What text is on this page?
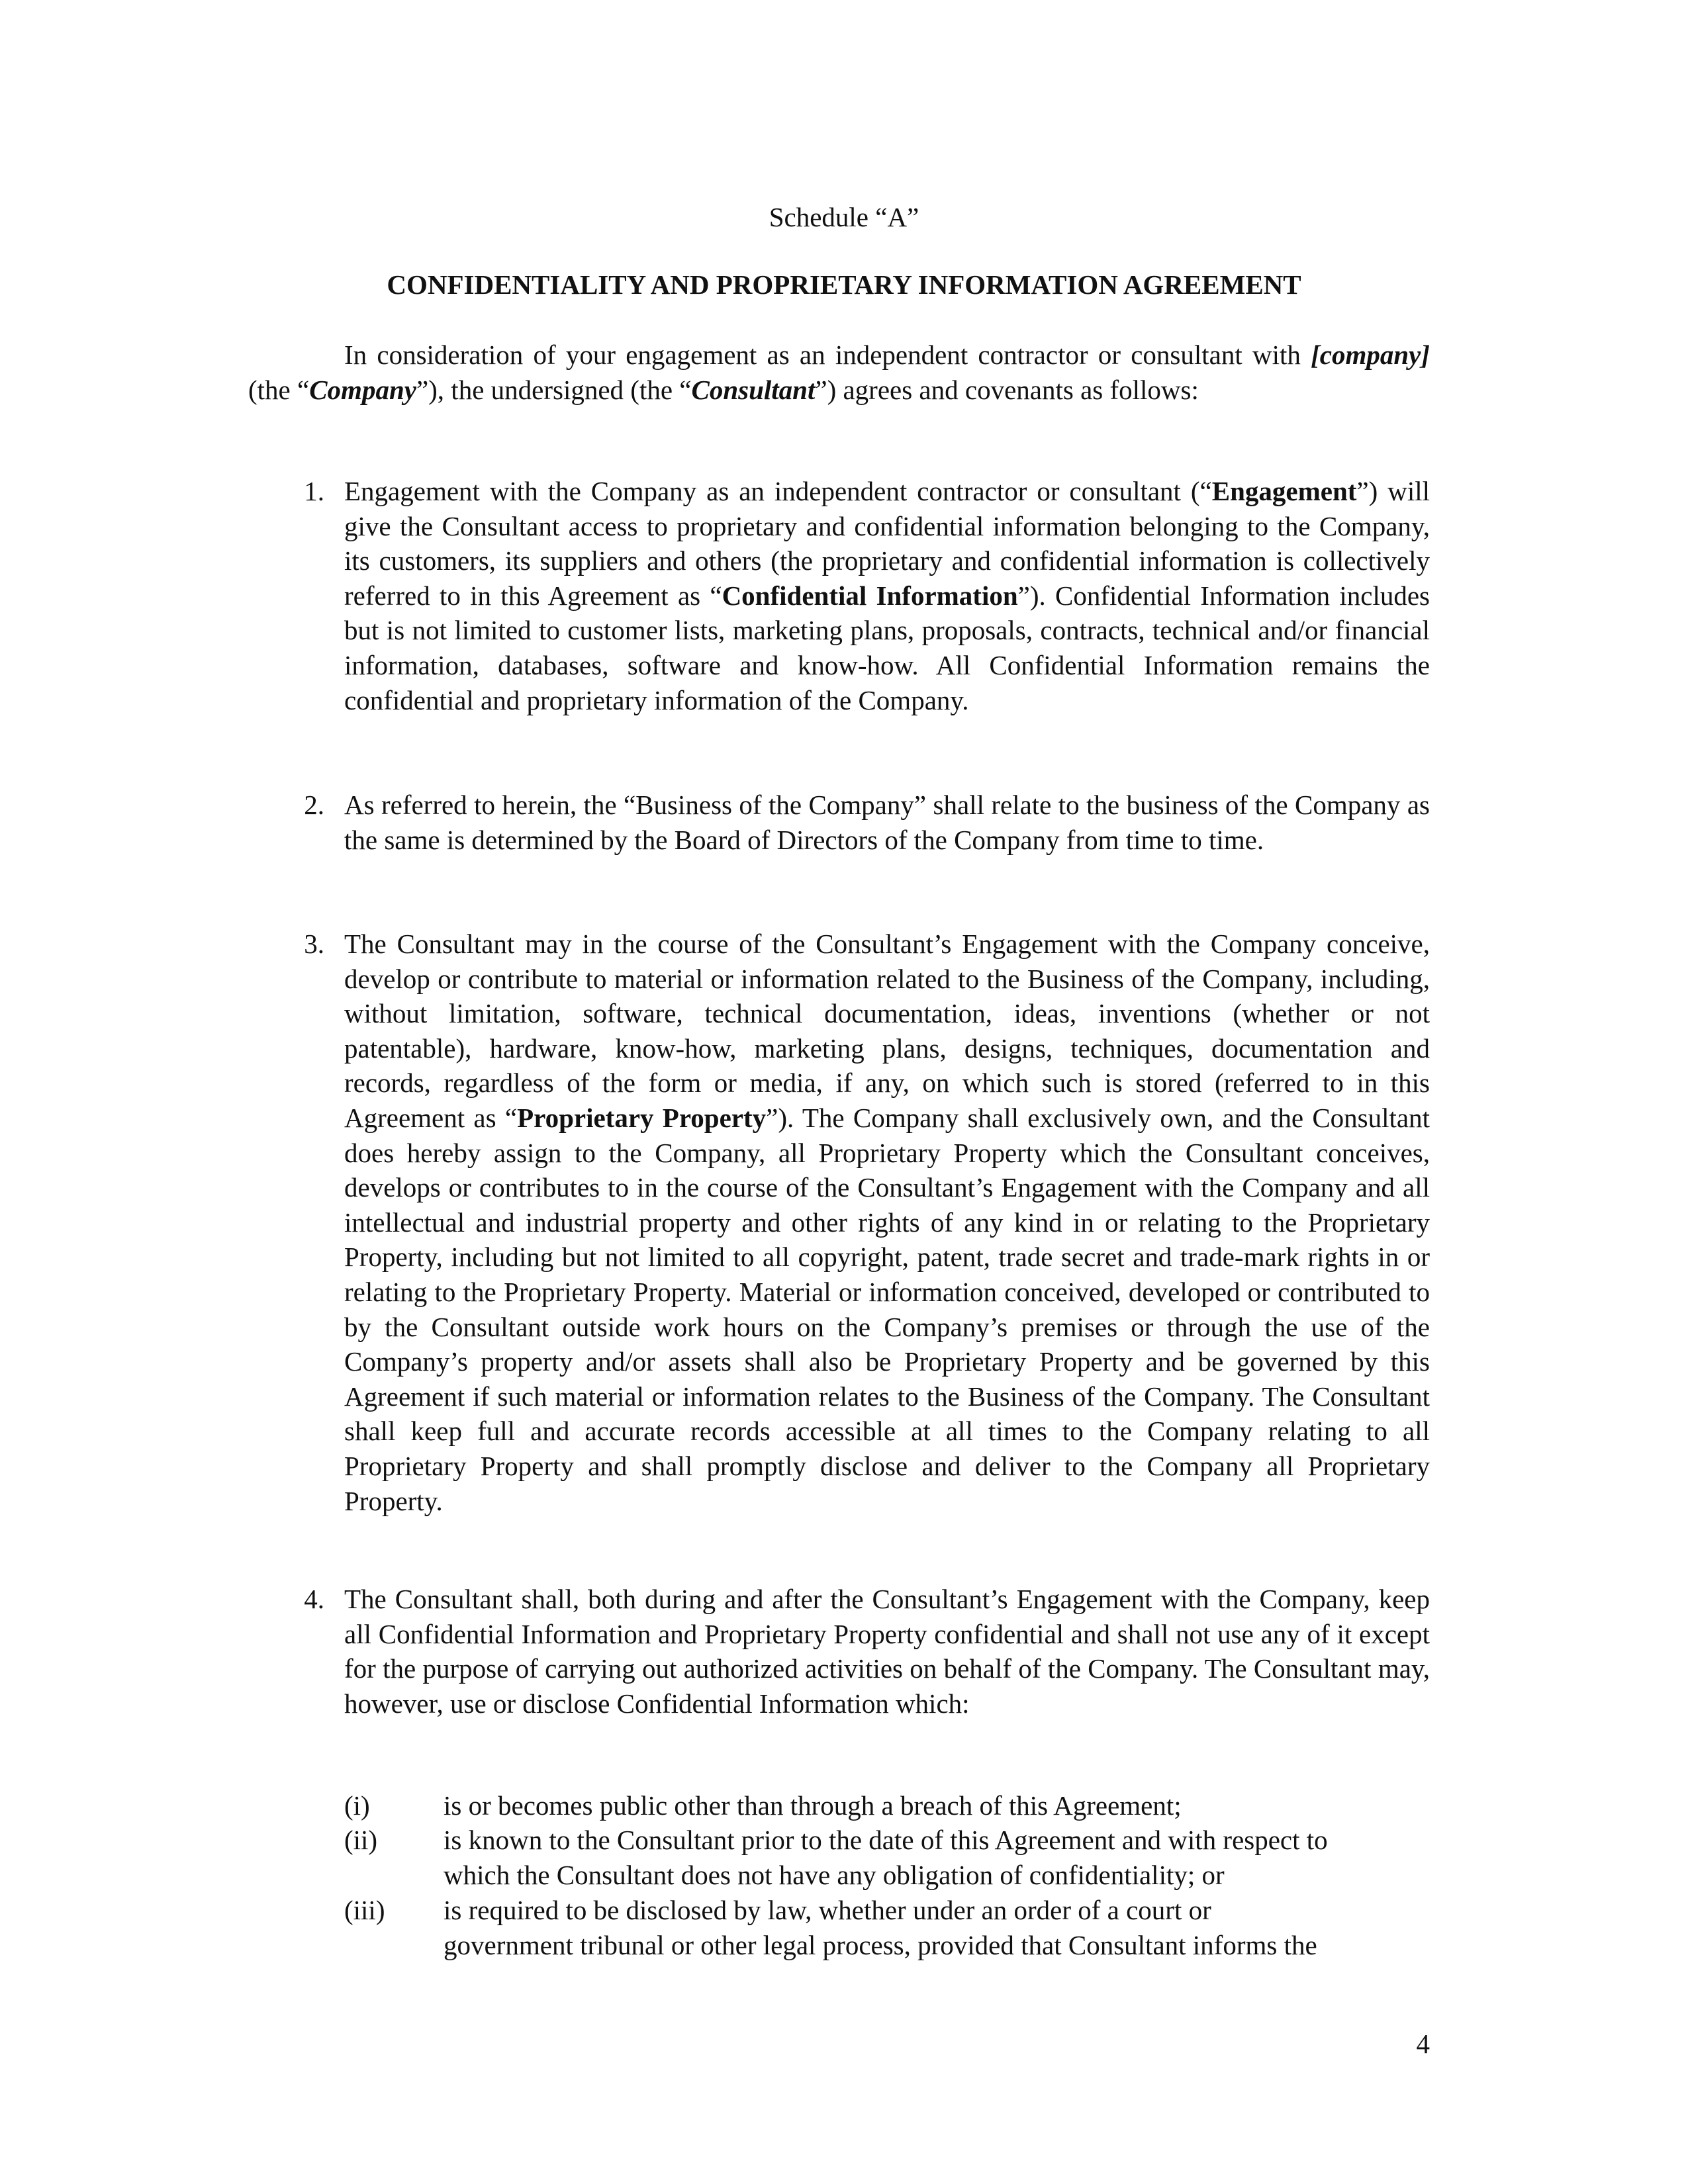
Schedule “A”
CONFIDENTIALITY AND PROPRIETARY INFORMATION AGREEMENT
In consideration of your engagement as an independent contractor or consultant with [company] (the “Company”), the undersigned (the “Consultant”) agrees and covenants as follows:
1. Engagement with the Company as an independent contractor or consultant (“Engagement”) will give the Consultant access to proprietary and confidential information belonging to the Company, its customers, its suppliers and others (the proprietary and confidential information is collectively referred to in this Agreement as “Confidential Information”). Confidential Information includes but is not limited to customer lists, marketing plans, proposals, contracts, technical and/or financial information, databases, software and know-how. All Confidential Information remains the confidential and proprietary information of the Company.
2. As referred to herein, the “Business of the Company” shall relate to the business of the Company as the same is determined by the Board of Directors of the Company from time to time.
3. The Consultant may in the course of the Consultant’s Engagement with the Company conceive, develop or contribute to material or information related to the Business of the Company, including, without limitation, software, technical documentation, ideas, inventions (whether or not patentable), hardware, know-how, marketing plans, designs, techniques, documentation and records, regardless of the form or media, if any, on which such is stored (referred to in this Agreement as “Proprietary Property”). The Company shall exclusively own, and the Consultant does hereby assign to the Company, all Proprietary Property which the Consultant conceives, develops or contributes to in the course of the Consultant’s Engagement with the Company and all intellectual and industrial property and other rights of any kind in or relating to the Proprietary Property, including but not limited to all copyright, patent, trade secret and trade-mark rights in or relating to the Proprietary Property. Material or information conceived, developed or contributed to by the Consultant outside work hours on the Company’s premises or through the use of the Company’s property and/or assets shall also be Proprietary Property and be governed by this Agreement if such material or information relates to the Business of the Company. The Consultant shall keep full and accurate records accessible at all times to the Company relating to all Proprietary Property and shall promptly disclose and deliver to the Company all Proprietary Property.
4. The Consultant shall, both during and after the Consultant’s Engagement with the Company, keep all Confidential Information and Proprietary Property confidential and shall not use any of it except for the purpose of carrying out authorized activities on behalf of the Company. The Consultant may, however, use or disclose Confidential Information which:
(i)	is or becomes public other than through a breach of this Agreement;
(ii)	is known to the Consultant prior to the date of this Agreement and with respect to
which the Consultant does not have any obligation of confidentiality; or
(iii)	is required to be disclosed by law, whether under an order of a court or
government tribunal or other legal process, provided that Consultant informs the
4
